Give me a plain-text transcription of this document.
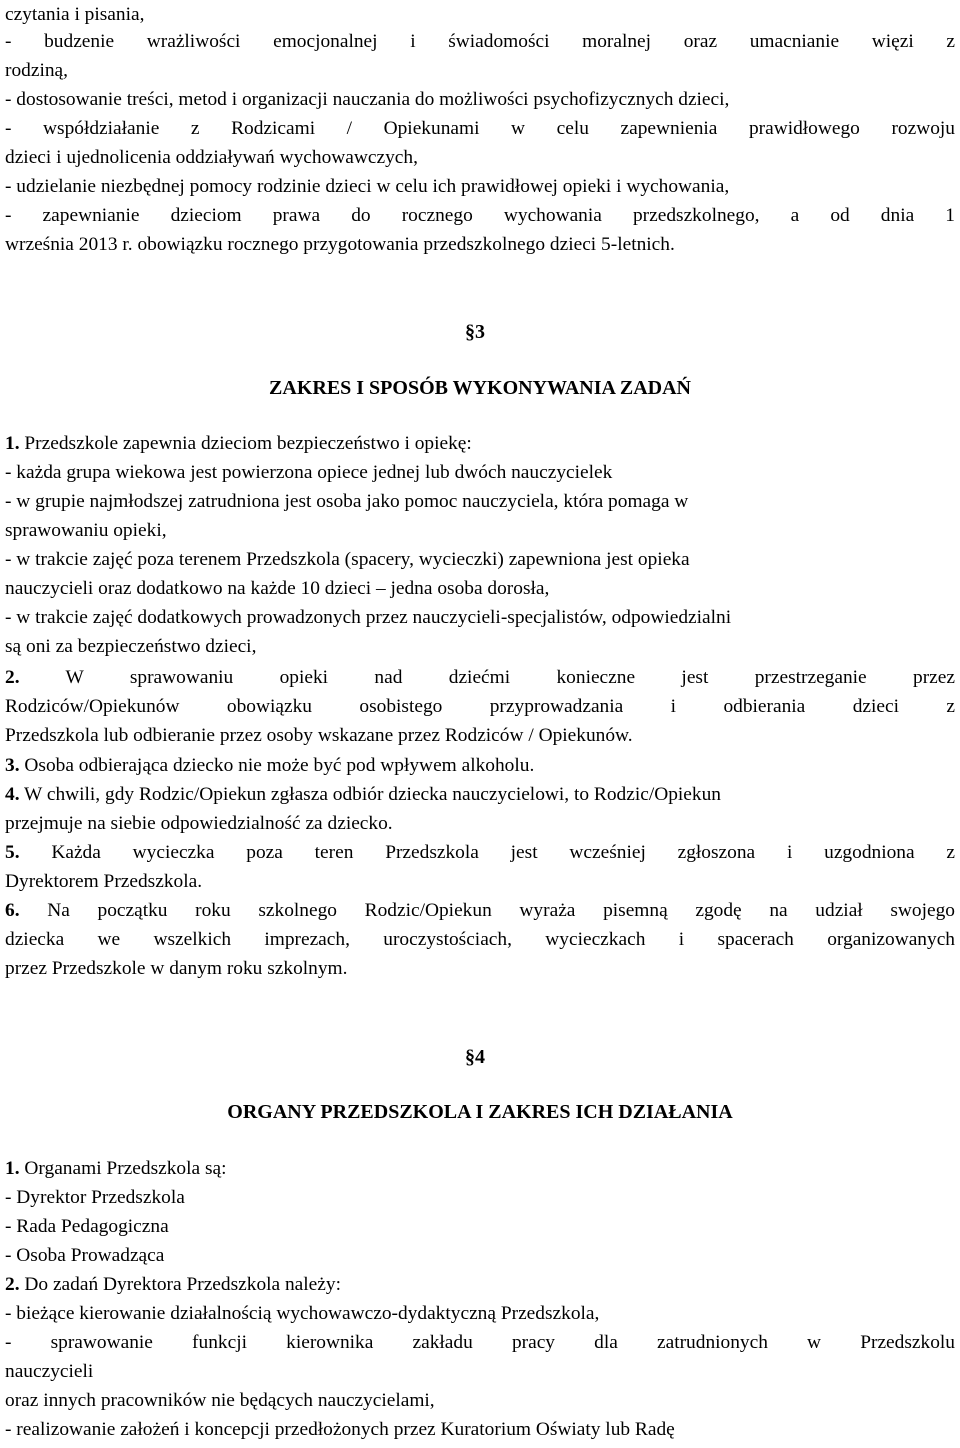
czytania i pisania,
- budzenie wrażliwości emocjonalnej i świadomości moralnej oraz umacnianie więzi z
rodziną,
- dostosowanie treści, metod i organizacji nauczania do możliwości psychofizycznych dzieci,
- współdziałanie z Rodzicami / Opiekunami w celu zapewnienia prawidłowego rozwoju
dzieci i ujednolicenia oddziaływań wychowawczych,
- udzielanie niezbędnej pomocy rodzinie dzieci w celu ich prawidłowej opieki i wychowania,
- zapewnianie dzieciom prawa do rocznego wychowania przedszkolnego, a od dnia 1
września 2013 r. obowiązku rocznego przygotowania przedszkolnego dzieci 5-letnich.
§3
ZAKRES I SPOSÓB WYKONYWANIA ZADAŃ
1. Przedszkole zapewnia dzieciom bezpieczeństwo i opiekę:
- każda grupa wiekowa jest powierzona opiece jednej lub dwóch nauczycielek
- w grupie najmłodszej zatrudniona jest osoba jako pomoc nauczyciela, która pomaga w
sprawowaniu opieki,
- w trakcie zajęć poza terenem Przedszkola (spacery, wycieczki) zapewniona jest opieka
nauczycieli oraz dodatkowo na każde 10 dzieci – jedna osoba dorosła,
- w trakcie zajęć dodatkowych prowadzonych przez nauczycieli-specjalistów, odpowiedzialni
są oni za bezpieczeństwo dzieci,
2. W sprawowaniu opieki nad dziećmi konieczne jest przestrzeganie przez
Rodziców/Opiekunów obowiązku osobistego przyprowadzania i odbierania dzieci z
Przedszkola lub odbieranie przez osoby wskazane przez Rodziców / Opiekunów.
3. Osoba odbierająca dziecko nie może być pod wpływem alkoholu.
4. W chwili, gdy Rodzic/Opiekun zgłasza odbiór dziecka nauczycielowi, to Rodzic/Opiekun
przejmuje na siebie odpowiedzialność za dziecko.
5. Każda wycieczka poza teren Przedszkola jest wcześniej zgłoszona i uzgodniona z
Dyrektorem Przedszkola.
6. Na początku roku szkolnego Rodzic/Opiekun wyraża pisemną zgodę na udział swojego
dziecka we wszelkich imprezach, uroczystościach, wycieczkach i spacerach organizowanych
przez Przedszkole w danym roku szkolnym.
§4
ORGANY PRZEDSZKOLA I ZAKRES ICH DZIAŁANIA
1. Organami Przedszkola są:
- Dyrektor Przedszkola
- Rada Pedagogiczna
- Osoba Prowadząca
2. Do zadań Dyrektora Przedszkola należy:
- bieżące kierowanie działalnością wychowawczo-dydaktyczną Przedszkola,
- sprawowanie funkcji kierownika zakładu pracy dla zatrudnionych w Przedszkolu
nauczycieli
oraz innych pracowników nie będących nauczycielami,
- realizowanie założeń i koncepcji przedłożonych przez Kuratorium Oświaty lub Radę
